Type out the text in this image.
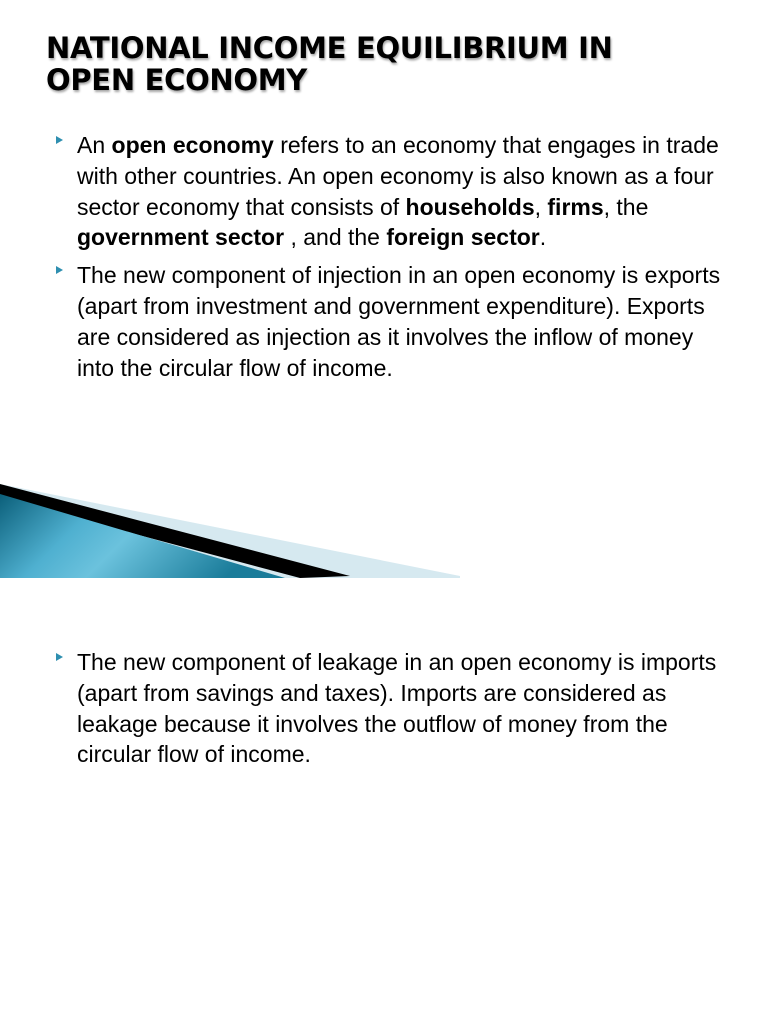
NATIONAL INCOME EQUILIBRIUM IN
OPEN ECONOMY
An open economy refers to an economy that engages in trade with other countries. An open economy is also known as a four sector economy that consists of households, firms, the government sector , and the foreign sector.
The new component of injection in an open economy is exports (apart from investment and government expenditure). Exports are considered as injection as it involves the inflow of money into the circular flow of income.
The new component of leakage in an open economy is imports (apart from savings and taxes). Imports are considered as leakage because it involves the outflow of money from the circular flow of income.
